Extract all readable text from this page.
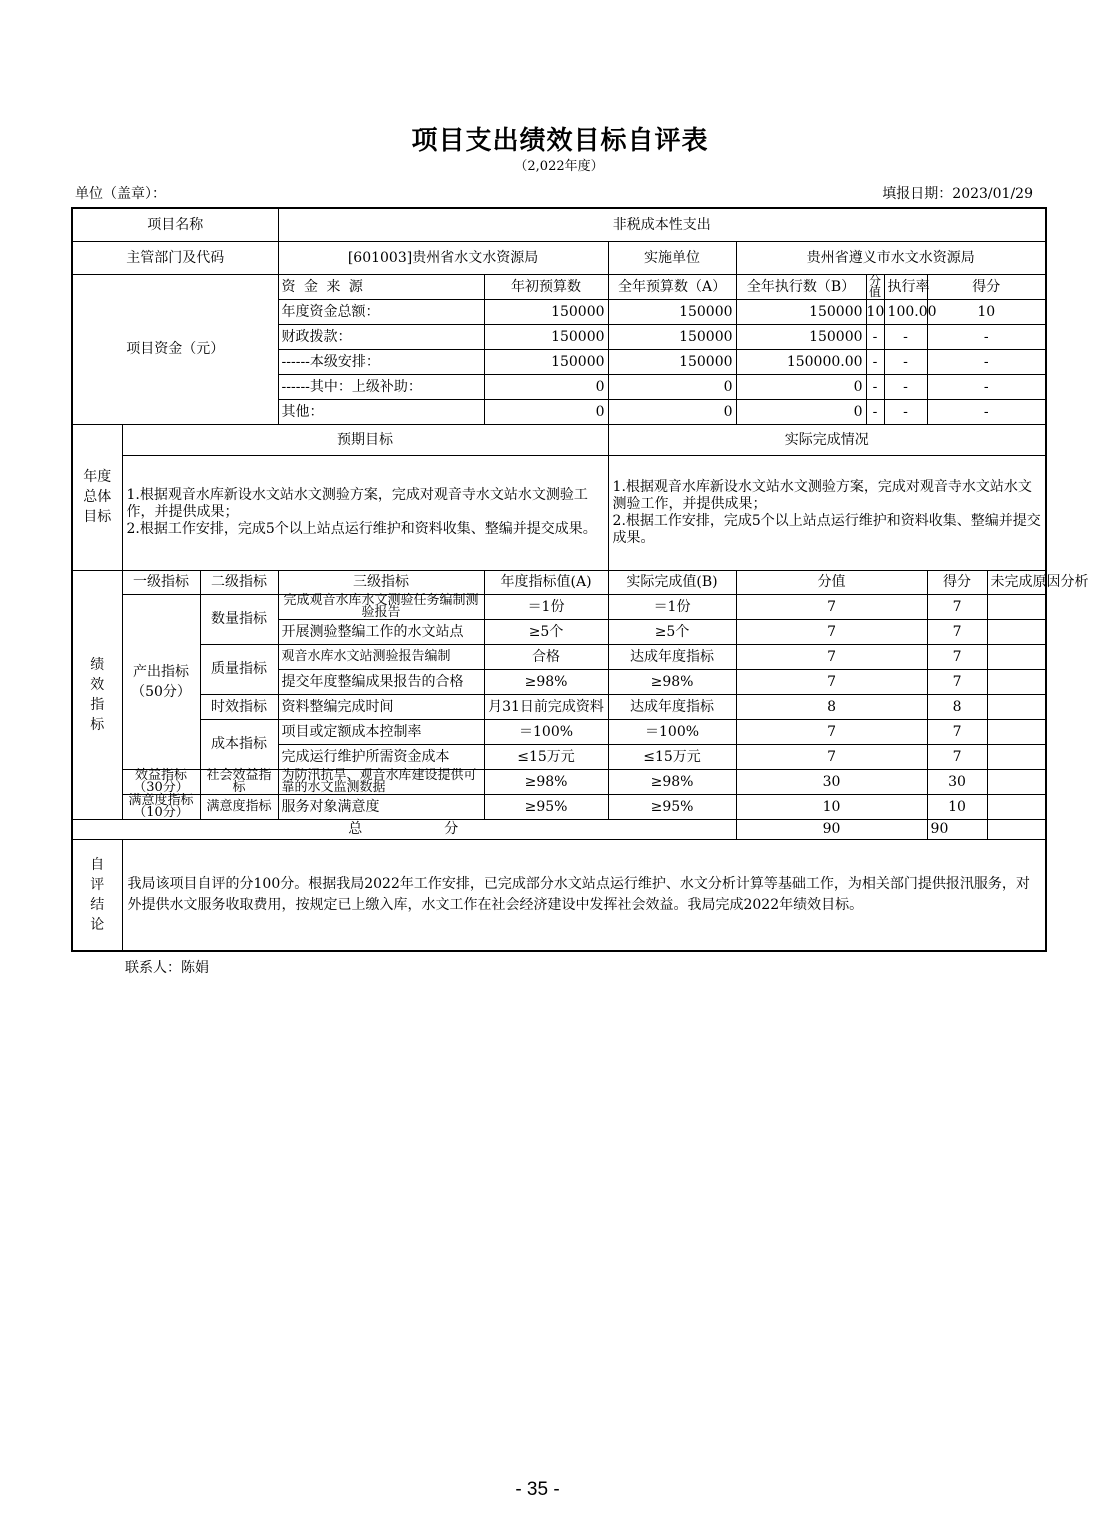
项目支出绩效目标自评表
（2,022年度）
单位（盖章）：	填报日期：2023/01/29
项目名称			非税成本性支出							
主管部门及代码			[601003]贵州省水文水资源局		实施单位	贵州省遵义市水文水资源局				
项目资金（元）			资 金 来 源	年初预算数	全年预算数（A）	全年执行数（B）	分值	执行率	得分	
			年度资金总额：	150000	150000	150000	10	100.00	10	
			财政拨款：	150000	150000	150000	-	-	-	
			------本级安排：	150000	150000	150000.00	-	-	-	
			------其中：上级补助：	0	0	0	-	-	-	
			其他：	0	0	0	-	-	-	
年度总体目标	预期目标				实际完成情况					
	1.根据观音水库新设水文站水文测验方案，完成对观音寺水文站水文测验工作，并提供成果；
2.根据工作安排，完成5个以上站点运行维护和资料收集、整编并提交成果。				1.根据观音水库新设水文站水文测验方案，完成对观音寺水文站水文测验工作，并提供成果；
2.根据工作安排，完成5个以上站点运行维护和资料收集、整编并提交成果。					
绩效指标	一级指标	二级指标	三级指标	年度指标值(A)	实际完成值(B)	分值			得分	未完成原因分析
	产出指标（50分）	数量指标	完成观音水库水文测验任务编制测验报告	＝1份	＝1份	7			7	
			开展测验整编工作的水文站点	≥5个	≥5个	7			7	
		质量指标	观音水库水文站测验报告编制	合格	达成年度指标	7			7	
			提交年度整编成果报告的合格	≥98%	≥98%	7			7	
		时效指标	资料整编完成时间	月31日前完成资料	达成年度指标	8			8	
		成本指标	项目或定额成本控制率	＝100%	＝100%	7			7	
			完成运行维护所需资金成本	≤15万元	≤15万元	7			7	
	效益指标（30分）	社会效益指标	为防汛抗旱、观音水库建设提供可靠的水文监测数据	≥98%	≥98%	30			30	
	满意度指标（10分）	满意度指标	服务对象满意度	≥95%	≥95%	10			10	
总　　　　　分						90			90	
自评结论	我局该项目自评的分100分。根据我局2022年工作安排，已完成部分水文站点运行维护、水文分析计算等基础工作，为相关部门提供报汛服务，对外提供水文服务收取费用，按规定已上缴入库，水文工作在社会经济建设中发挥社会效益。我局完成2022年绩效目标。									
联系人：陈娟
- 35 -
